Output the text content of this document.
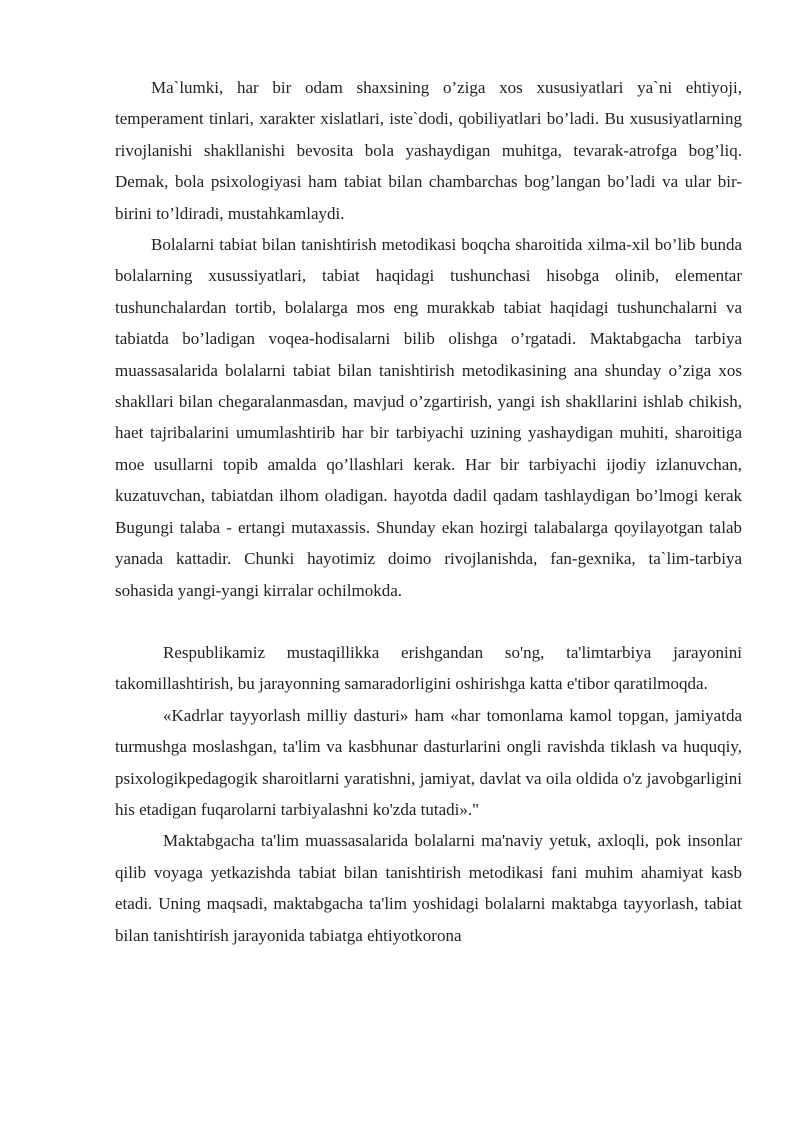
Ma`lumki, har bir odam shaxsining o’ziga xos xususiyatlari ya`ni ehtiyoji, temperament tinlari, xarakter xislatlari, iste`dodi, qobiliyatlari bo’ladi. Bu xususiyatlarning rivojlanishi shakllanishi bevosita bola yashaydigan muhitga, tevarak-atrofga bog’liq. Demak, bola psixologiyasi ham tabiat bilan chambarchas bog’langan bo’ladi va ular bir-birini to’ldiradi, mustahkamlaydi.

Bolalarni tabiat bilan tanishtirish metodikasi boqcha sharoitida xilma-xil bo’lib bunda bolalarning xusussiyatlari, tabiat haqidagi tushunchasi hisobga olinib, elementar tushunchalardan tortib, bolalarga mos eng murakkab tabiat haqidagi tushunchalarni va tabiatda bo’ladigan voqea-hodisalarni bilib olishga o’rgatadi. Maktabgacha tarbiya muassasalarida bolalarni tabiat bilan tanishtirish metodikasining ana shunday o’ziga xos shakllari bilan chegaralanmasdan, mavjud o’zgartirish, yangi ish shakllarini ishlab chikish, haet tajribalarini umumlashtirib har bir tarbiyachi uzining yashaydigan muhiti, sharoitiga moe usullarni topib amalda qo’llashlari kerak. Har bir tarbiyachi ijodiy izlanuvchan, kuzatuvchan, tabiatdan ilhom oladigan. hayotda dadil qadam tashlaydigan bo’lmogi kerak Bugungi talaba - ertangi mutaxassis. Shunday ekan hozirgi talabalarga qoyilayotgan talab yanada kattadir. Chunki hayotimiz doimo rivojlanishda, fan-gexnika, ta`lim-tarbiya sohasida yangi-yangi kirralar ochilmokda.

Respublikamiz mustaqillikka erishgandan so'ng, ta'limtarbiya jarayonini takomillashtirish, bu jarayonning samaradorligini oshirishga katta e'tibor qaratilmoqda.

«Kadrlar tayyorlash milliy dasturi» ham «har tomonlama kamol topgan, jamiyatda turmushga moslashgan, ta'lim va kasbhunar dasturlarini ongli ravishda tiklash va huquqiy, psixologikpedagogik sharoitlarni yaratishni, jamiyat, davlat va oila oldida o'z javobgarligini his etadigan fuqarolarni tarbiyalashni ko'zda tutadi»."

Maktabgacha ta'lim muassasalarida bolalarni ma'naviy yetuk, axloqli, pok insonlar qilib voyaga yetkazishda tabiat bilan tanishtirish metodikasi fani muhim ahamiyat kasb etadi. Uning maqsadi, maktabgacha ta'lim yoshidagi bolalarni maktabga tayyorlash, tabiat bilan tanishtirish jarayonida tabiatga ehtiyotkorona
